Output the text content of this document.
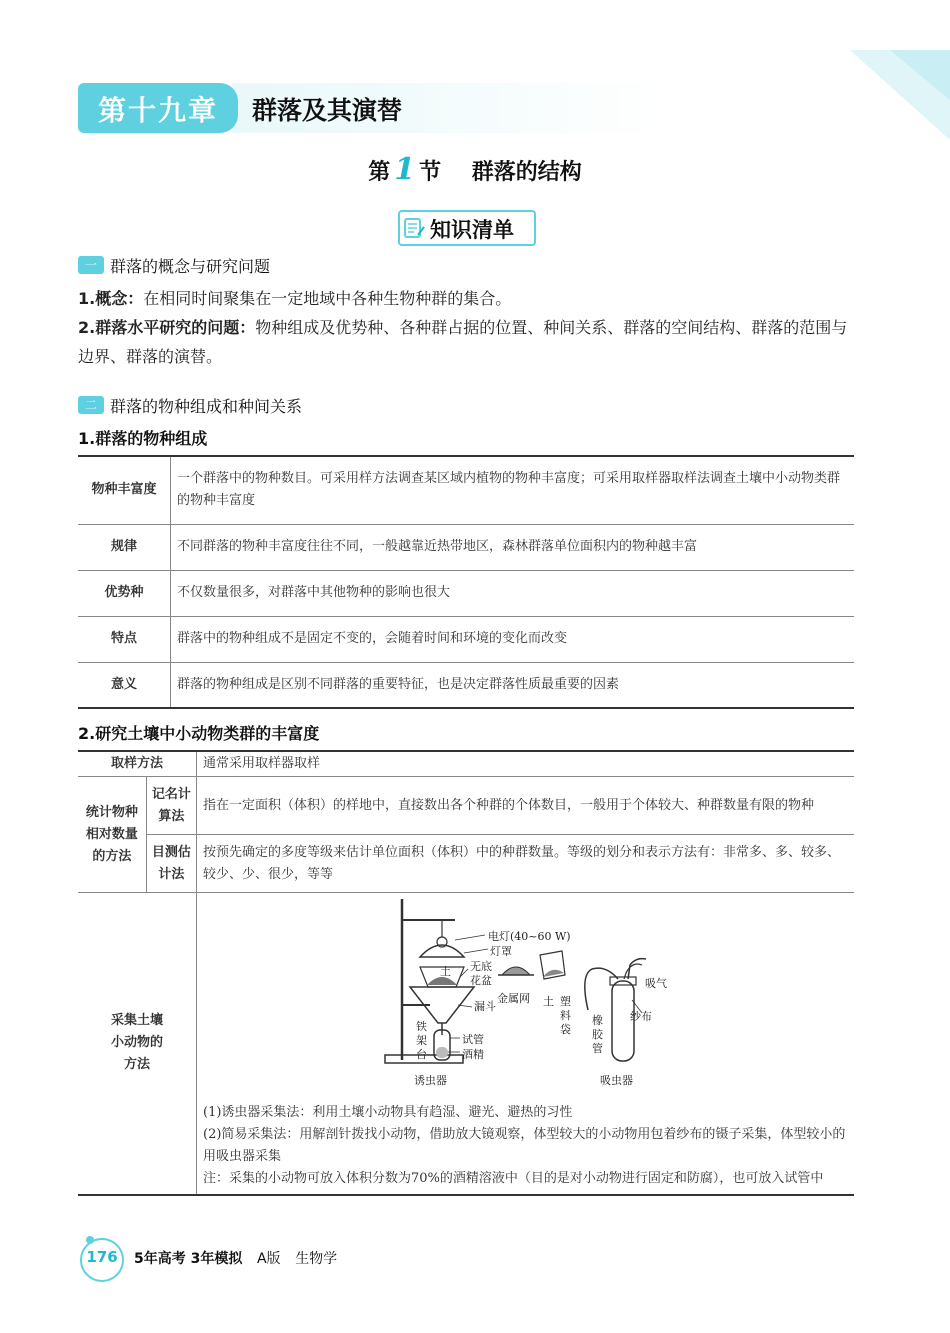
第十九章 群落及其演替
第 1 节 群落的结构
知识清单
一 群落的概念与研究问题
1.概念：在相同时间聚集在一定地域中各种生物种群的集合。
2.群落水平研究的问题：物种组成及优势种、各种群占据的位置、种间关系、群落的空间结构、群落的范围与边界、群落的演替。
二 群落的物种组成和种间关系
1.群落的物种组成
物种丰富度	一个群落中的物种数目。可采用样方法调查某区域内植物的物种丰富度；可采用取样器取样法调查土壤中小动物类群的物种丰富度
规律	不同群落的物种丰富度往往不同，一般越靠近热带地区，森林群落单位面积内的物种越丰富
优势种	不仅数量很多，对群落中其他物种的影响也很大
特点	群落中的物种组成不是固定不变的，会随着时间和环境的变化而改变
意义	群落的物种组成是区别不同群落的重要特征，也是决定群落性质最重要的因素
2.研究土壤中小动物类群的丰富度
取样方法		通常采用取样器取样
统计物种相对数量的方法	记名计算法	指在一定面积（体积）的样地中，直接数出各个种群的个体数目，一般用于个体较大、种群数量有限的物种
	目测估计法	按预先确定的多度等级来估计单位面积（体积）中的种群数量。等级的划分和表示方法有：非常多、多、较多、较少、少、很少，等等
采集土壤小动物的方法		(1)诱虫器采集法：利用土壤小动物具有趋湿、避光、避热的习性
(2)简易采集法：用解剖针拨找小动物，借助放大镜观察，体型较大的小动物用包着纱布的镊子采集，体型较小的用吸虫器采集
注：采集的小动物可放入体积分数为70%的酒精溶液中（目的是对小动物进行固定和防腐），也可放入试管中
电灯(40~60 W)
灯罩
无底
花盆
土
漏斗
金属网 土 塑
料
袋
铁
架
台
试管
酒精
诱虫器
吸气
纱布
橡
胶
管
吸虫器
176 5年高考 3年模拟 A版 生物学
